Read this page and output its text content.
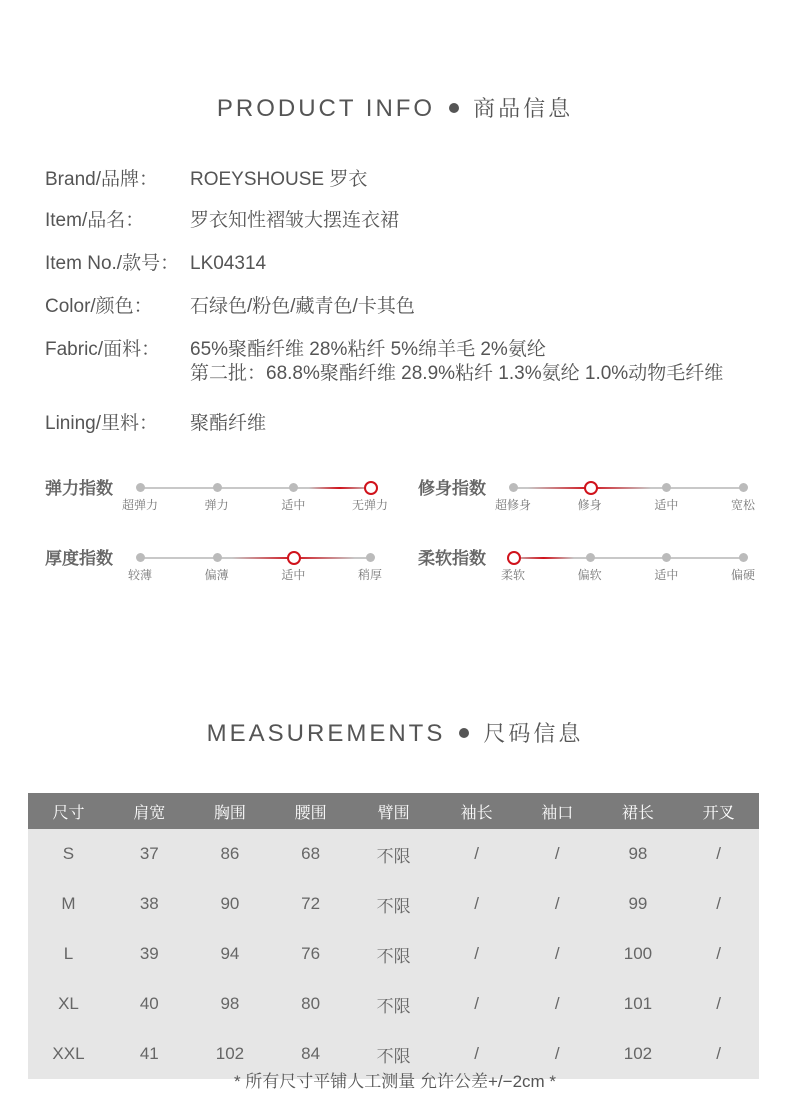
PRODUCT INFO 商品信息
Brand/品牌： ROEYSHOUSE 罗衣
Item/品名： 罗衣知性褶皱大摆连衣裙
Item No./款号： LK04314
Color/颜色： 石绿色/粉色/藏青色/卡其色
Fabric/面料： 65%聚酯纤维 28%粘纤 5%绵羊毛 2%氨纶
第二批：68.8%聚酯纤维 28.9%粘纤 1.3%氨纶 1.0%动物毛纤维
Lining/里料： 聚酯纤维
弹力指数
超弹力	弹力	适中	无弹力
修身指数
超修身	修身	适中	宽松
厚度指数
较薄	偏薄	适中	稍厚
柔软指数
柔软	偏软	适中	偏硬
MEASUREMENTS 尺码信息
尺寸	肩宽	胸围	腰围	臂围	袖长	袖口	裙长	开叉
S	37	86	68	不限	/	/	98	/
M	38	90	72	不限	/	/	99	/
L	39	94	76	不限	/	/	100	/
XL	40	98	80	不限	/	/	101	/
XXL	41	102	84	不限	/	/	102	/
* 所有尺寸平铺人工测量 允许公差+/−2cm *
